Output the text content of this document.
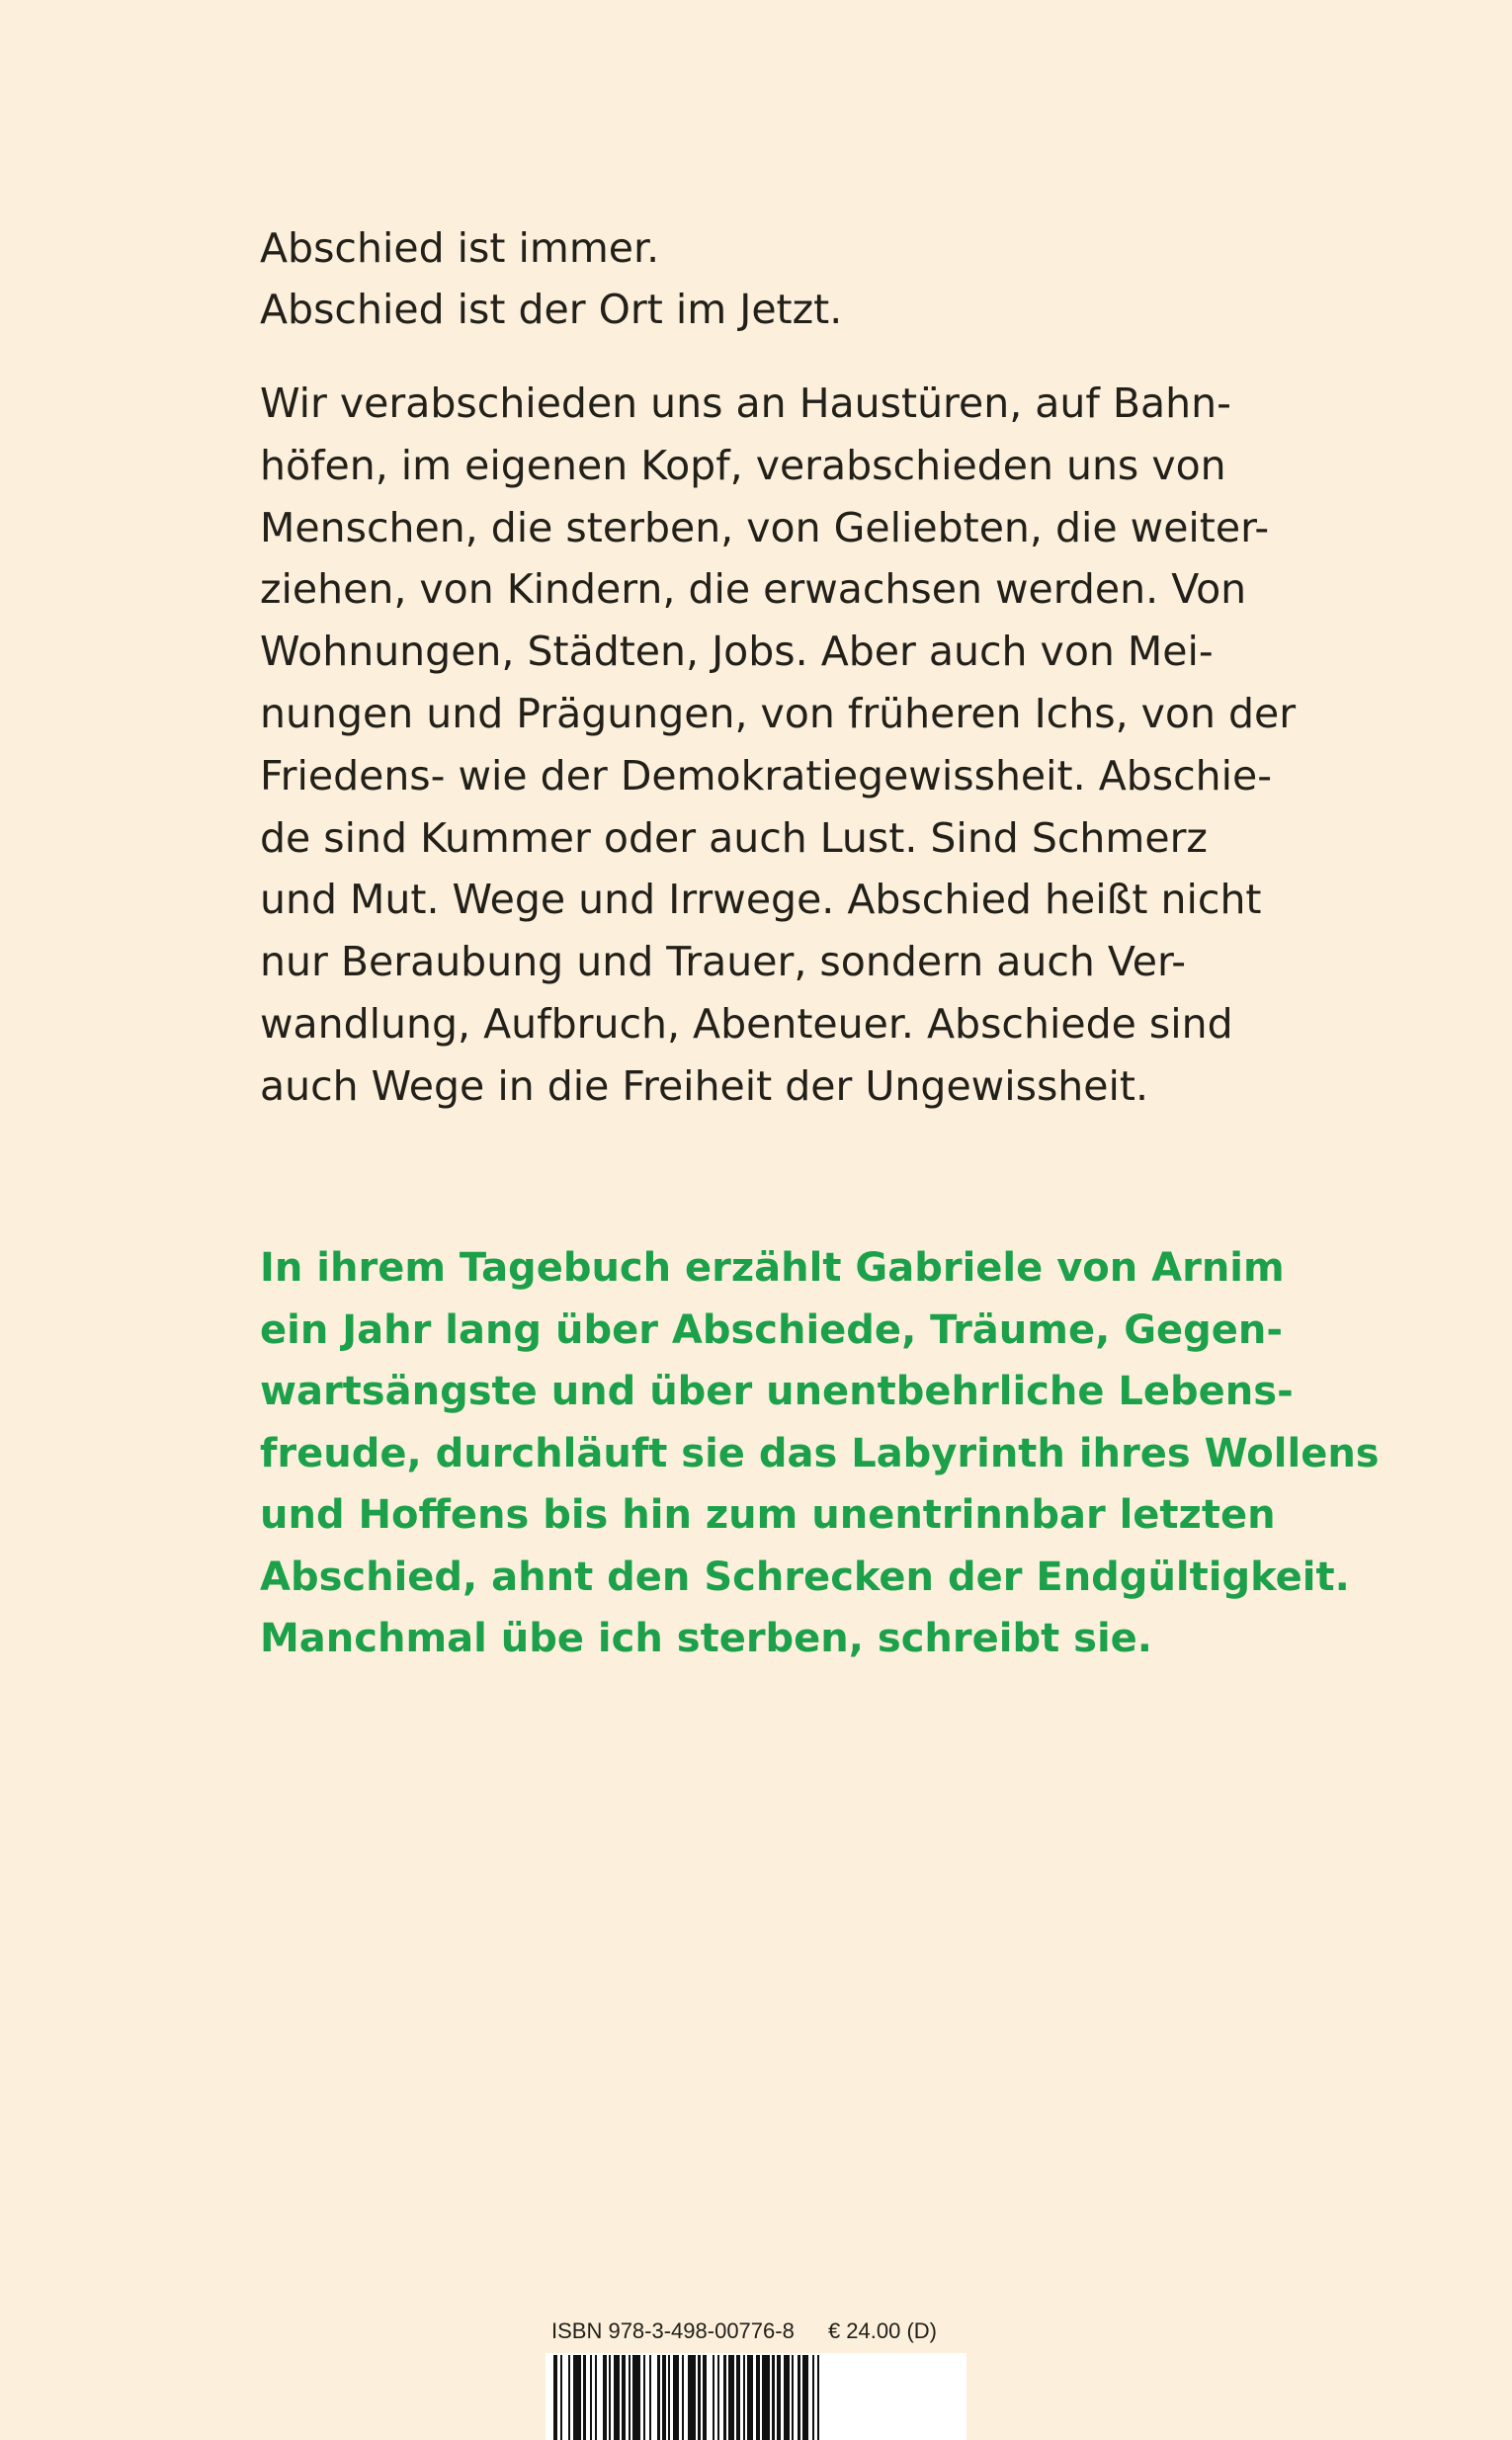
Abschied ist immer.
Abschied ist der Ort im Jetzt.
Wir verabschieden uns an Haustüren, auf Bahn-
höfen, im eigenen Kopf, verabschieden uns von
Menschen, die sterben, von Geliebten, die weiter-
ziehen, von Kindern, die erwachsen werden. Von
Wohnungen, Städten, Jobs. Aber auch von Mei-
nungen und Prägungen, von früheren Ichs, von der
Friedens- wie der Demokratiegewissheit. Abschie-
de sind Kummer oder auch Lust. Sind Schmerz
und Mut. Wege und Irrwege. Abschied heißt nicht
nur Beraubung und Trauer, sondern auch Ver-
wandlung, Aufbruch, Abenteuer. Abschiede sind
auch Wege in die Freiheit der Ungewissheit.
In ihrem Tagebuch erzählt Gabriele von Arnim
ein Jahr lang über Abschiede, Träume, Gegen-
wartsängste und über unentbehrliche Lebens-
freude, durchläuft sie das Labyrinth ihres Wollens
und Hoffens bis hin zum unentrinnbar letzten
Abschied, ahnt den Schrecken der Endgültigkeit.
Manchmal übe ich sterben, schreibt sie.
ISBN 978-3-498-00776-8 € 24.00 (D)
